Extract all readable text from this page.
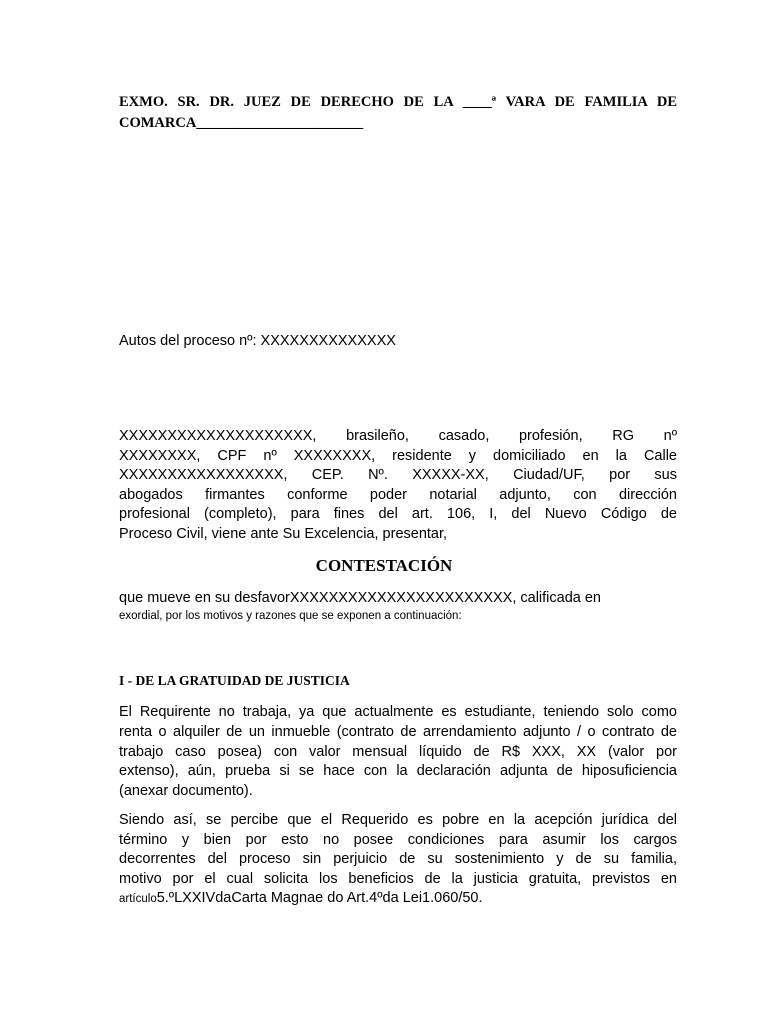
EXMO. SR. DR. JUEZ DE DERECHO DE LA ____ª VARA DE FAMILIA DE
COMARCA_______________________
Autos del proceso nº: XXXXXXXXXXXXXX
XXXXXXXXXXXXXXXXXXXX, brasileño, casado, profesión, RG nº
XXXXXXXX, CPF nº XXXXXXXX, residente y domiciliado en la Calle
XXXXXXXXXXXXXXXXX, CEP. Nº. XXXXX-XX, Ciudad/UF, por sus
abogados firmantes conforme poder notarial adjunto, con dirección
profesional (completo), para fines del art. 106, I, del Nuevo Código de
Proceso Civil, viene ante Su Excelencia, presentar,
CONTESTACIÓN
que mueve en su desfavorXXXXXXXXXXXXXXXXXXXXXXX, calificada en
exordial, por los motivos y razones que se exponen a continuación:
I - DE LA GRATUIDAD DE JUSTICIA
El Requirente no trabaja, ya que actualmente es estudiante, teniendo solo como
renta o alquiler de un inmueble (contrato de arrendamiento adjunto / o contrato de
trabajo caso posea) con valor mensual líquido de R$ XXX, XX (valor por
extenso), aún, prueba si se hace con la declaración adjunta de hiposuficiencia
(anexar documento).
Siendo así, se percibe que el Requerido es pobre en la acepción jurídica del
término y bien por esto no posee condiciones para asumir los cargos
decorrentes del proceso sin perjuicio de su sostenimiento y de su familia,
motivo por el cual solicita los beneficios de la justicia gratuita, previstos en
artículo5.ºLXXIVdaCarta Magnae do Art.4ºda Lei1.060/50.
